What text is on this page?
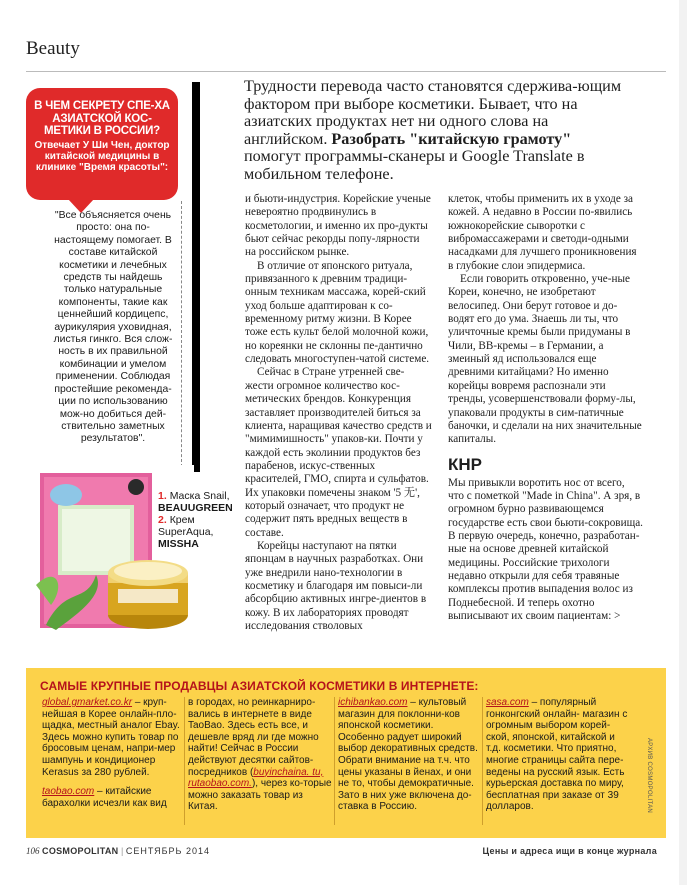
Beauty
В ЧЕМ СЕКРЕТУ СПЕ-ХА АЗИАТСКОЙ КОС-МЕТИКИ В РОССИИ?
Отвечает У Ши Чен, доктор китайской медицины в клинике "Время красоты":
"Все объясняется очень просто: она по-настоящему помогает. В составе китайской косметики и лечебных средств ты найдешь только натуральные компоненты, такие как ценнейший кордицепс, аурикулярия уховидная, листья гинкго. Вся слож-ность в их правильной комбинации и умелом применении. Соблюдая простейшие рекоменда-ции по использованию мож-но добиться дей-ствительно заметных результатов".
1. Маска Snail,
BEAUUGREEN
2. Крем SuperAqua,
MISSHA
Трудности перевода часто становятся сдержива-ющим фактором при выборе косметики. Бывает, что на азиатских продуктах нет ни одного слова на английском. Разобрать "китайскую грамоту" помогут программы-сканеры и Google Translate в мобильном телефоне.

и бьюти-индустрия. Корейские ученые невероятно продвинулись в косметологии, и именно их про-дукты бьют сейчас рекорды попу-лярности на российском рынке.

В отличие от японского ритуала, привязанного к древним традици-онным техникам массажа, корей-ский уход больше адаптирован к со-временному ритму жизни. В Корее тоже есть культ белой молочной кожи, но кореянки не склонны пе-дантично следовать многоступен-чатой системе.

Сейчас в Стране утренней све-жести огромное количество кос-метических брендов. Конкуренция заставляет производителей биться за клиента, наращивая качество средств и "мимимишность" упаков-ки. Почти у каждой есть эколинии продуктов без парабенов, искус-ственных красителей, ГМО, спирта и сульфатов. Их упаковки помечены знаком '5 无', который означает, что продукт не содержит пять вредных веществ в составе.

Корейцы наступают на пятки японцам в научных разработках. Они уже внедрили нано-технологии в косметику и благодаря им повыси-ли абсорбцию активных ингре-диентов в кожу. В их лабораториях проводят исследования стволовых

клеток, чтобы применить их в уходе за кожей. А недавно в России по-явились южнокорейские сыворотки с вибромассажерами и светоди-одными насадками для лучшего проникновения в глубокие слои эпидермиса.

Если говорить откровенно, уче-ные Кореи, конечно, не изобретают велосипед. Они берут готовое и до-водят его до ума. Знаешь ли ты, что уличточные кремы были придуманы в Чили, BB-кремы – в Германии, а змеиный яд использовался еще древними китайцами? Но именно корейцы вовремя распознали эти тренды, усовершенствовали форму-лы, упаковали продукты в сим-патичные баночки, и сделали на них значительные капиталы.

КНР

Мы привыкли воротить нос от всего, что с пометкой "Made in China". А зря, в огромном бурно развивающемся государстве есть свои бьюти-сокровища. В первую очередь, конечно, разработан-ные на основе древней китайской медицины. Российские трихологи недавно открыли для себя травяные комплексы против выпадения волос из Поднебесной. И теперь охотно выписывают их своим пациентам: >

САМЫЕ КРУПНЫЕ ПРОДАВЦЫ АЗИАТСКОЙ КОСМЕТИКИ В ИНТЕРНЕТЕ:
global.gmarket.co.kr – круп-нейшая в Корее онлайн-пло-щадка, местный аналог Ebay. Здесь можно купить товар по бросовым ценам, напри-мер шампунь и кондиционер Kerasus за 280 рублей.
taobao.com – китайские барахолки исчезли как вид
в городах, но реинкарниро-вались в интернете в виде TaoBao. Здесь есть все, и дешевле вряд ли где можно найти! Сейчас в России действуют десятки сайтов-посредников (buyinchaina. tu, rutaobao.com.), через ко-торые можно заказать товар из Китая.
ichibankao.com – культовый магазин для поклонни-ков японской косметики. Особенно радует широкий выбор декоративных средств. Обрати внимание на т.ч. что цены указаны в йенах, и они не то, чтобы демократичные. Зато в них уже включена до-ставка в Россию.
sasa.com – популярный гонконгский онлайн- магазин с огромным выбором корей-ской, японской, китайской и т.д. косметики. Что приятно, многие страницы сайта пере-ведены на русский язык. Есть курьерская доставка по миру, бесплатная при заказе от 39 долларов.	АРХИВ COSMOPOLITAN
106 COSMOPOLITAN | СЕНТЯБРЬ 2014	Цены и адреса ищи в конце журнала
